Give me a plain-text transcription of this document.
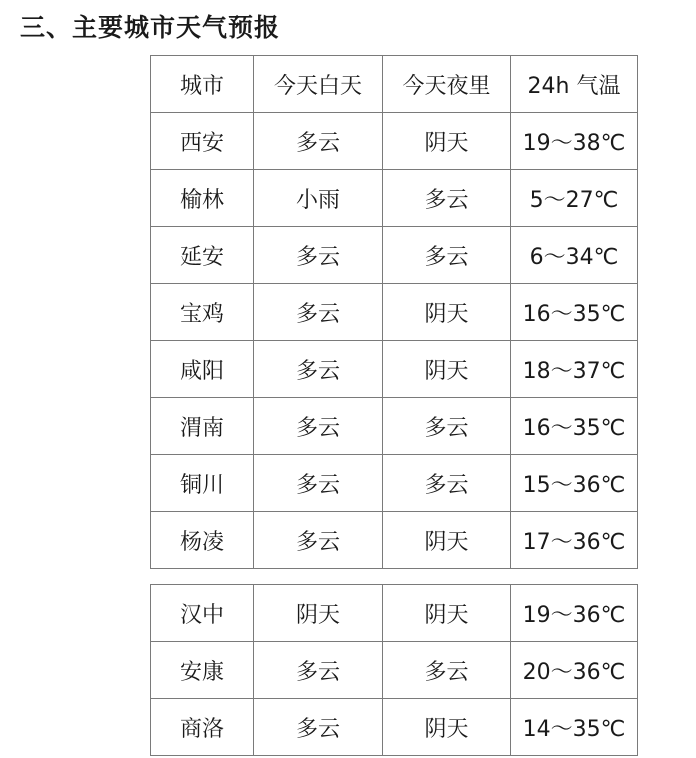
三、主要城市天气预报
城市	今天白天	今天夜里	24h 气温
西安	多云	阴天	19～38℃
榆林	小雨	多云	5～27℃
延安	多云	多云	6～34℃
宝鸡	多云	阴天	16～35℃
咸阳	多云	阴天	18～37℃
渭南	多云	多云	16～35℃
铜川	多云	多云	15～36℃
杨凌	多云	阴天	17～36℃
汉中	阴天	阴天	19～36℃
安康	多云	多云	20～36℃
商洛	多云	阴天	14～35℃
